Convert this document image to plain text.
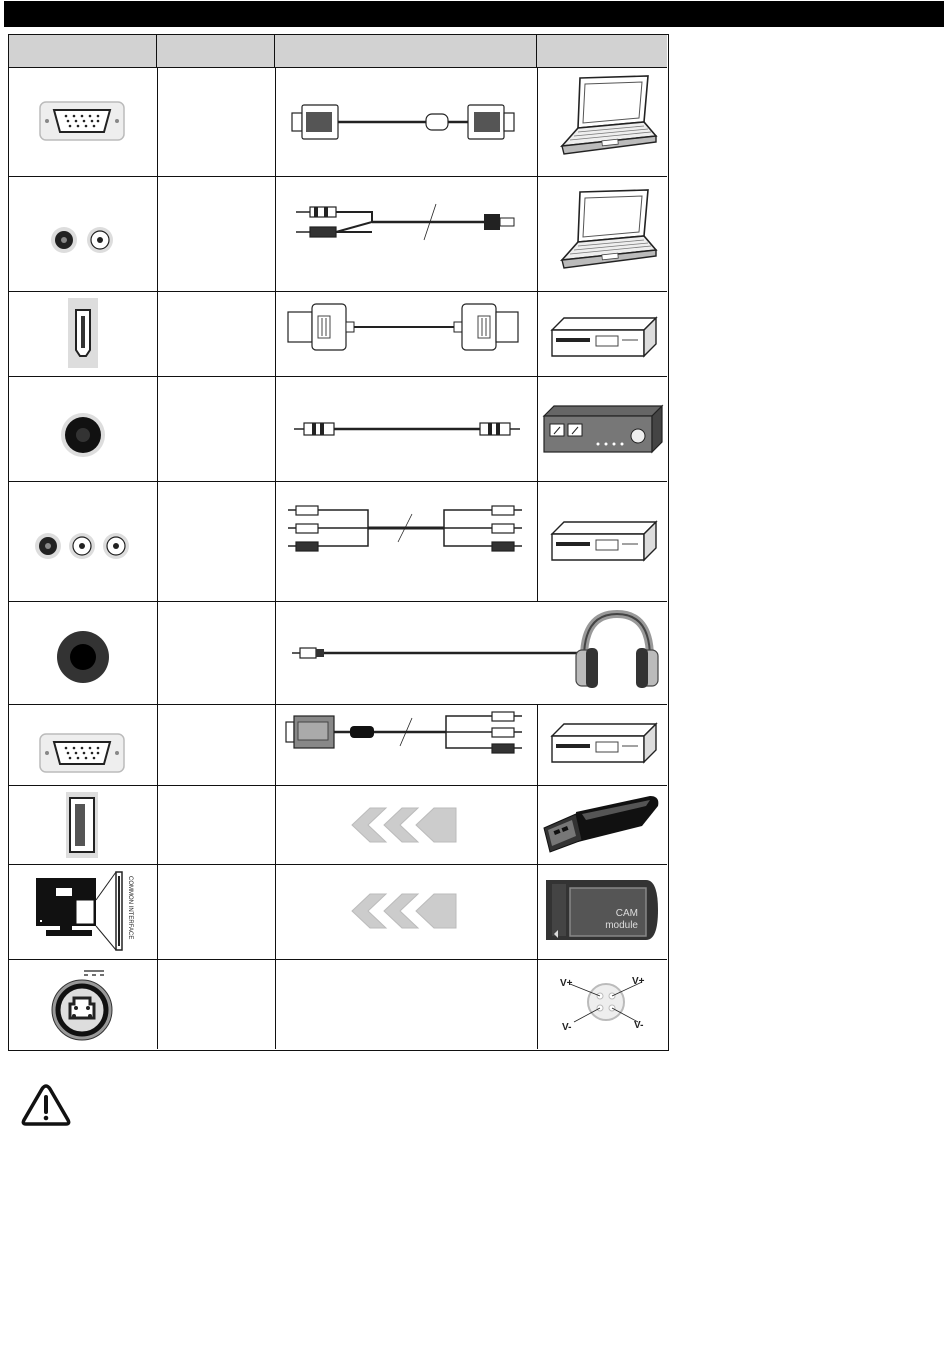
COMMON INTERFACE	CAM
module
V+	V+
V-	V-
